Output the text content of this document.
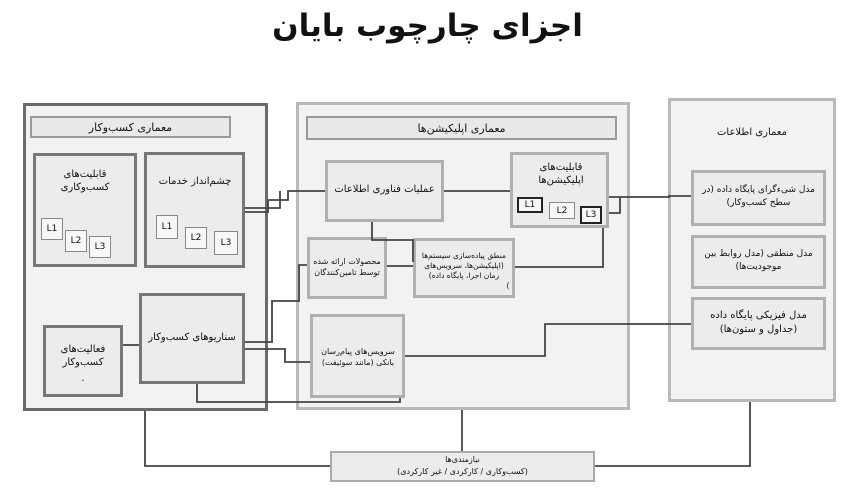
اجزای چارچوب بایان
معماری کسب‌وکار	معماری اپلیکیشن‌ها	معماری اطلاعات
قابلیت‌های کسب‌وکاری
L1
L2
L3
چشم‌انداز خدمات
L1
L2	L3
فعالیت‌های کسب‌وکار
.
سناریوهای کسب‌وکار
عملیات فناوری اطلاعات
قابلیت‌های اپلیکیشن‌ها
L1
L2	L3
محصولات ارائه شده توسط تامین‌کنندگان
منطق پیاده‌سازی سیستم‌ها (اپلیکیشن‌ها، سرویس‌های زمان اجرا، پایگاه داده)
)
سرویس‌های پیام‌رسان بانکی (مانند سوئیفت)
مدل شیءگرای پایگاه داده (در سطح کسب‌وکار)
مدل منطقی (مدل روابط بین موجودیت‌ها)
مدل فیزیکی پایگاه داده (جداول و ستون‌ها)
نیازمندی‌ها
(کسب‌وکاری / کارکردی / غیر کارکردی)
